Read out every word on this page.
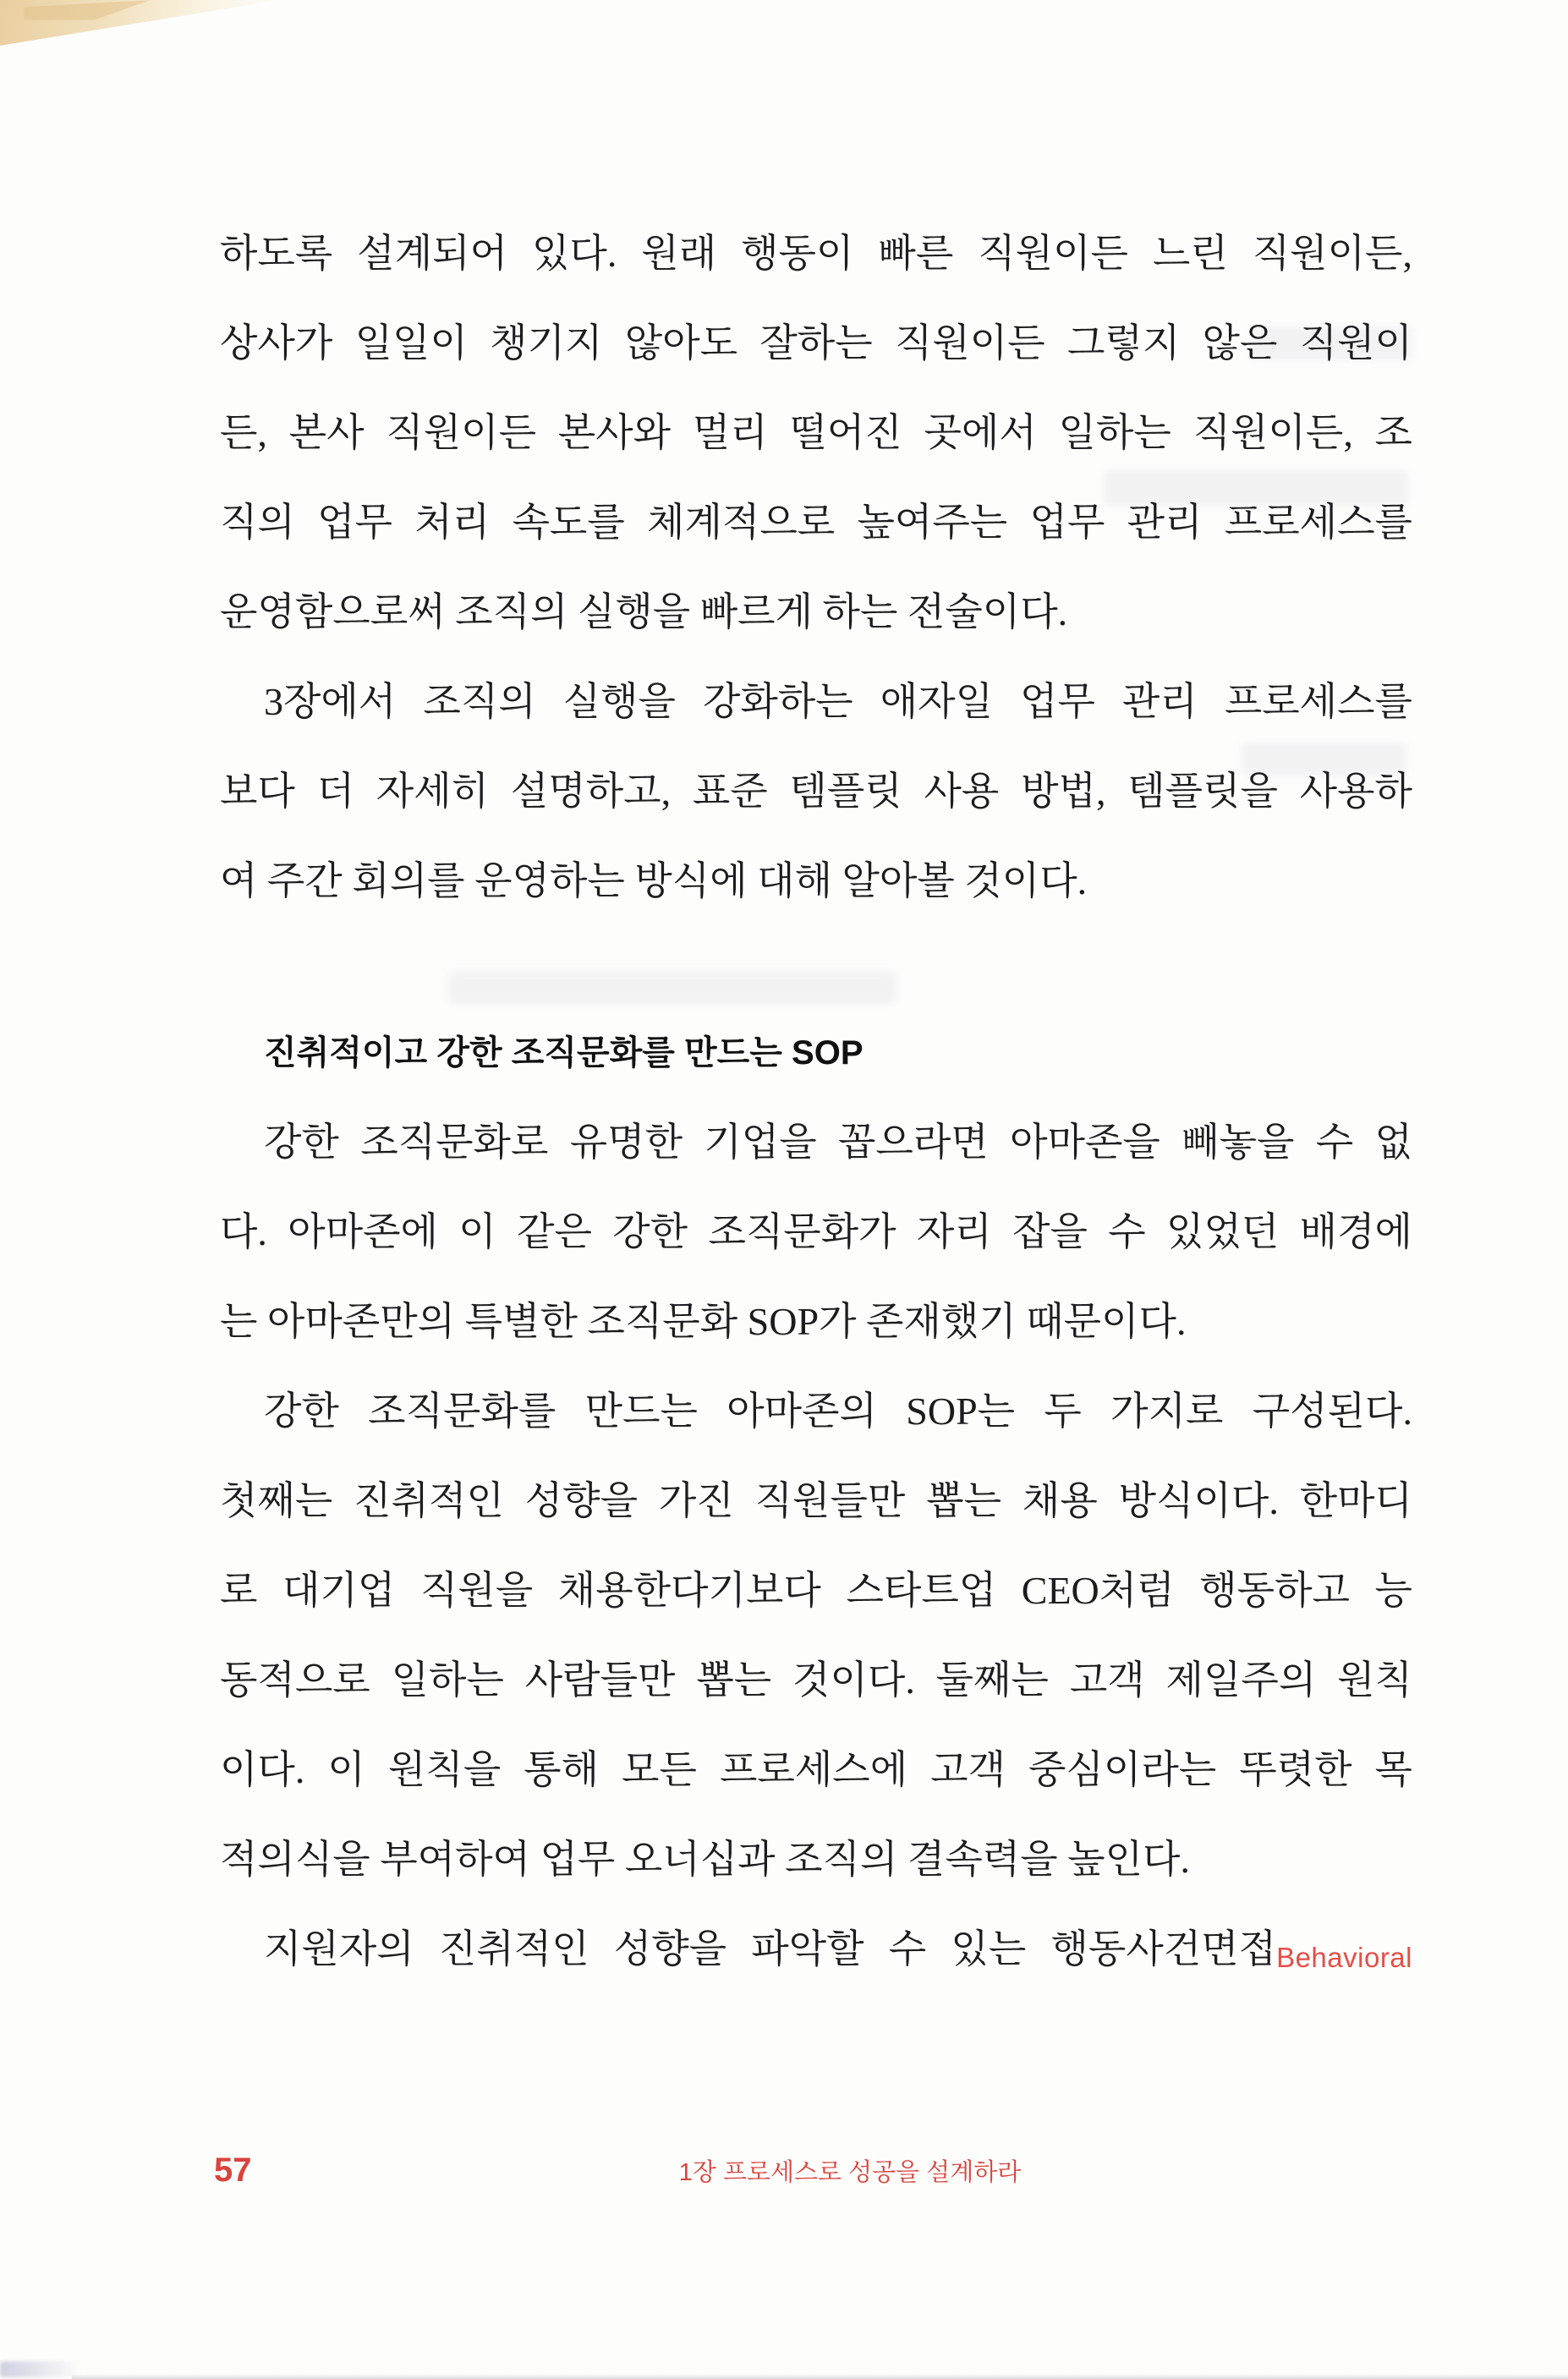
하도록 설계되어 있다. 원래 행동이 빠른 직원이든 느린 직원이든,
상사가 일일이 챙기지 않아도 잘하는 직원이든 그렇지 않은 직원이
든, 본사 직원이든 본사와 멀리 떨어진 곳에서 일하는 직원이든, 조
직의 업무 처리 속도를 체계적으로 높여주는 업무 관리 프로세스를
운영함으로써 조직의 실행을 빠르게 하는 전술이다.
3장에서 조직의 실행을 강화하는 애자일 업무 관리 프로세스를
보다 더 자세히 설명하고, 표준 템플릿 사용 방법, 템플릿을 사용하
여 주간 회의를 운영하는 방식에 대해 알아볼 것이다.
진취적이고 강한 조직문화를 만드는 SOP
강한 조직문화로 유명한 기업을 꼽으라면 아마존을 빼놓을 수 없
다. 아마존에 이 같은 강한 조직문화가 자리 잡을 수 있었던 배경에
는 아마존만의 특별한 조직문화 SOP가 존재했기 때문이다.
강한 조직문화를 만드는 아마존의 SOP는 두 가지로 구성된다.
첫째는 진취적인 성향을 가진 직원들만 뽑는 채용 방식이다. 한마디
로 대기업 직원을 채용한다기보다 스타트업 CEO처럼 행동하고 능
동적으로 일하는 사람들만 뽑는 것이다. 둘째는 고객 제일주의 원칙
이다. 이 원칙을 통해 모든 프로세스에 고객 중심이라는 뚜렷한 목
적의식을 부여하여 업무 오너십과 조직의 결속력을 높인다.
지원자의 진취적인 성향을 파악할 수 있는 행동사건면접Behavioral
57	1장 프로세스로 성공을 설계하라
